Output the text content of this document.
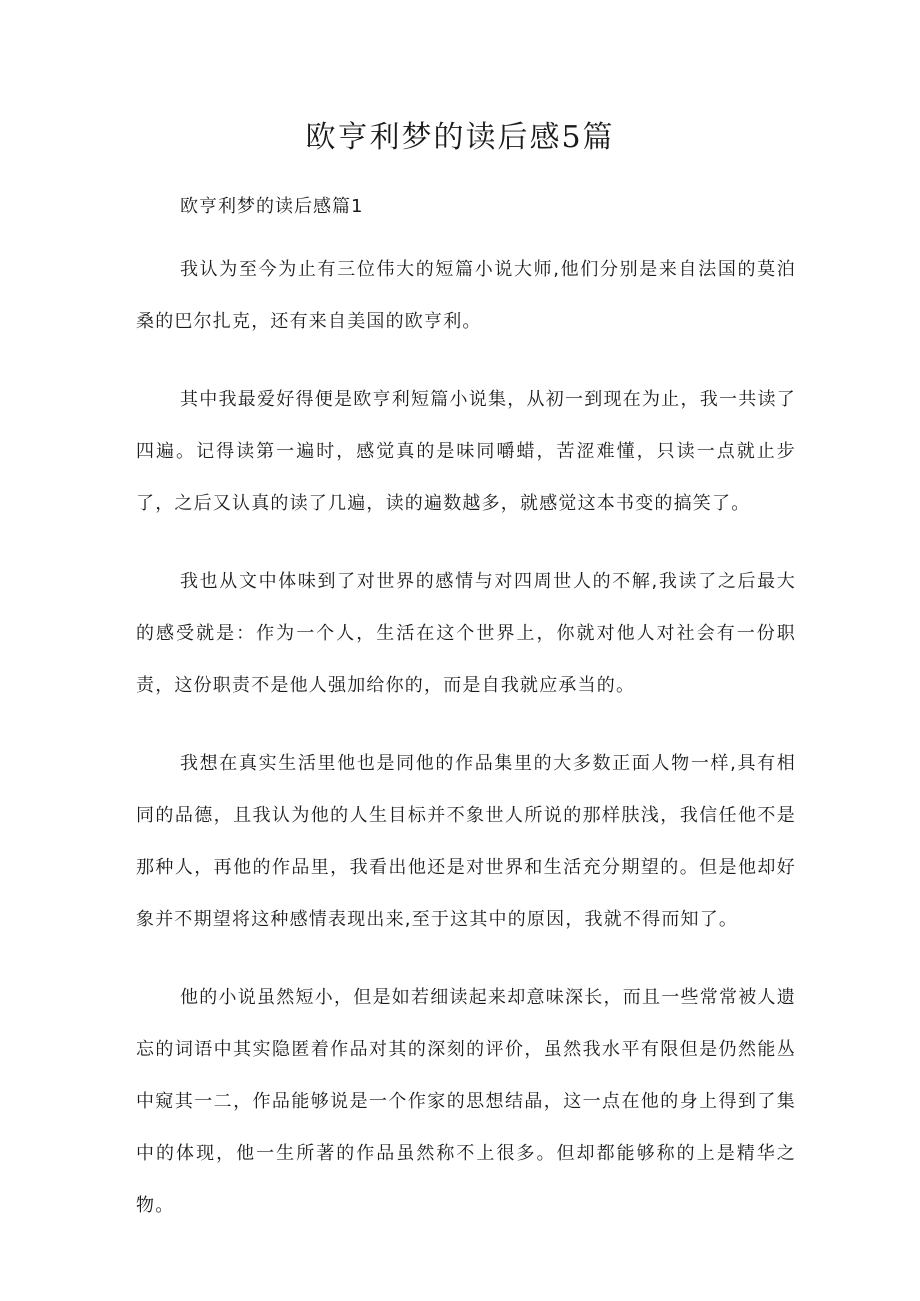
欧亨利梦的读后感5篇

欧亨利梦的读后感篇1

我认为至今为止有三位伟大的短篇小说大师,他们分别是来自法国的莫泊桑的巴尔扎克，还有来自美国的欧亨利。

其中我最爱好得便是欧亨利短篇小说集，从初一到现在为止，我一共读了四遍。记得读第一遍时，感觉真的是味同嚼蜡，苦涩难懂，只读一点就止步了，之后又认真的读了几遍，读的遍数越多，就感觉这本书变的搞笑了。

我也从文中体味到了对世界的感情与对四周世人的不解,我读了之后最大的感受就是：作为一个人，生活在这个世界上，你就对他人对社会有一份职责，这份职责不是他人强加给你的，而是自我就应承当的。

我想在真实生活里他也是同他的作品集里的大多数正面人物一样,具有相同的品德，且我认为他的人生目标并不象世人所说的那样肤浅，我信任他不是那种人，再他的作品里，我看出他还是对世界和生活充分期望的。但是他却好象并不期望将这种感情表现出来,至于这其中的原因，我就不得而知了。

他的小说虽然短小，但是如若细读起来却意味深长，而且一些常常被人遗忘的词语中其实隐匿着作品对其的深刻的评价，虽然我水平有限但是仍然能丛中窥其一二，作品能够说是一个作家的思想结晶，这一点在他的身上得到了集中的体现，他一生所著的作品虽然称不上很多。但却都能够称的上是精华之物。
